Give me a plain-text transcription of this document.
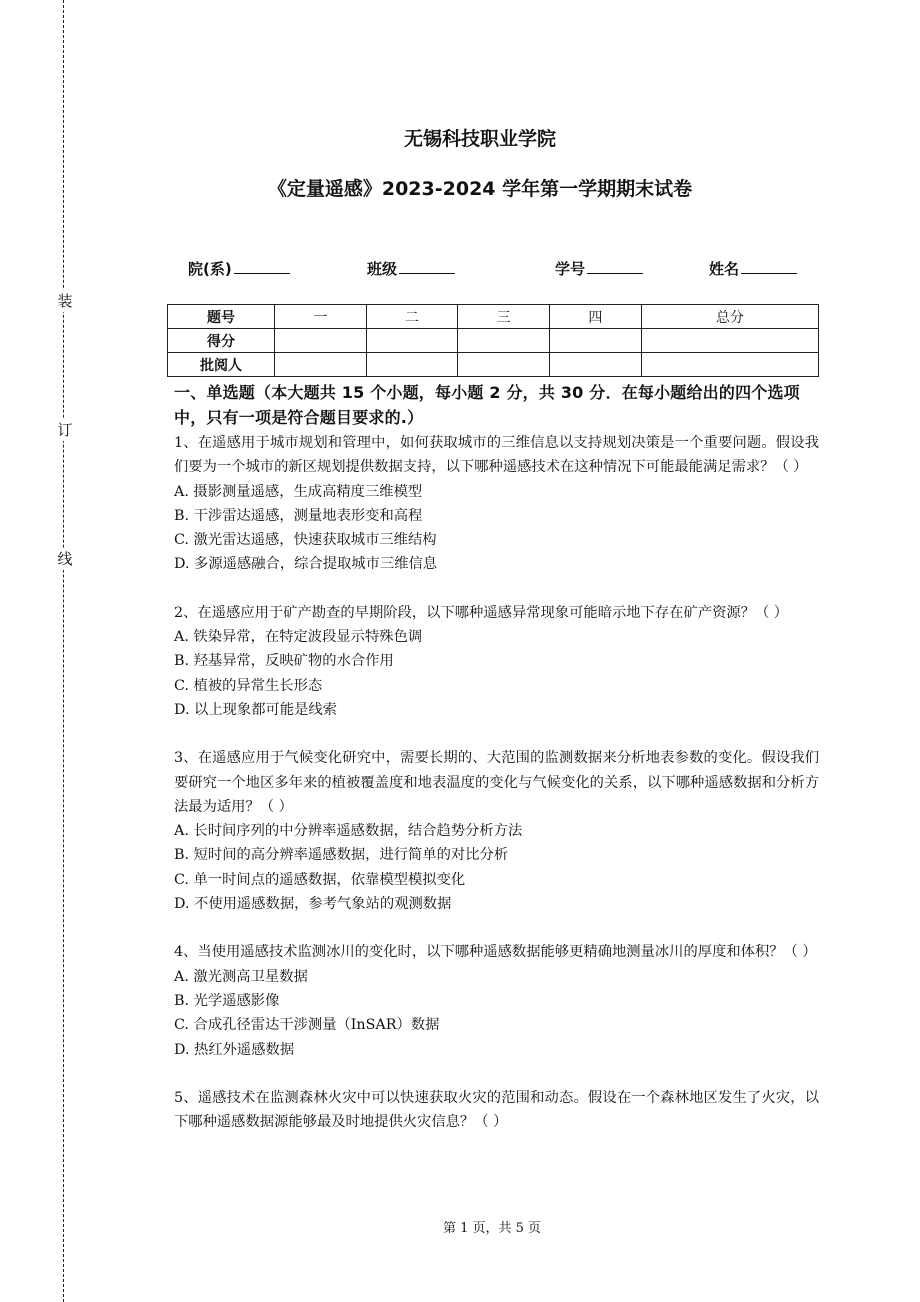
装
订
线
无锡科技职业学院
《定量遥感》2023-2024 学年第一学期期末试卷
院(系)	班级	学号	姓名
题号	一	二	三	四	总分
得分					
批阅人					

一、单选题（本大题共 15 个小题，每小题 2 分，共 30 分．在每小题给出的四个选项中，只有一项是符合题目要求的.）

1、在遥感用于城市规划和管理中，如何获取城市的三维信息以支持规划决策是一个重要问题。假设我们要为一个城市的新区规划提供数据支持，以下哪种遥感技术在这种情况下可能最能满足需求？（ ）

A. 摄影测量遥感，生成高精度三维模型

B. 干涉雷达遥感，测量地表形变和高程

C. 激光雷达遥感，快速获取城市三维结构

D. 多源遥感融合，综合提取城市三维信息

2、在遥感应用于矿产勘查的早期阶段，以下哪种遥感异常现象可能暗示地下存在矿产资源？（ ）

A. 铁染异常，在特定波段显示特殊色调

B. 羟基异常，反映矿物的水合作用

C. 植被的异常生长形态

D. 以上现象都可能是线索

3、在遥感应用于气候变化研究中，需要长期的、大范围的监测数据来分析地表参数的变化。假设我们要研究一个地区多年来的植被覆盖度和地表温度的变化与气候变化的关系，以下哪种遥感数据和分析方法最为适用？（ ）

A. 长时间序列的中分辨率遥感数据，结合趋势分析方法

B. 短时间的高分辨率遥感数据，进行简单的对比分析

C. 单一时间点的遥感数据，依靠模型模拟变化

D. 不使用遥感数据，参考气象站的观测数据

4、当使用遥感技术监测冰川的变化时，以下哪种遥感数据能够更精确地测量冰川的厚度和体积？（ ）

A. 激光测高卫星数据

B. 光学遥感影像

C. 合成孔径雷达干涉测量（InSAR）数据

D. 热红外遥感数据

5、遥感技术在监测森林火灾中可以快速获取火灾的范围和动态。假设在一个森林地区发生了火灾，以下哪种遥感数据源能够最及时地提供火灾信息？（ ）

第 1 页，共 5 页
